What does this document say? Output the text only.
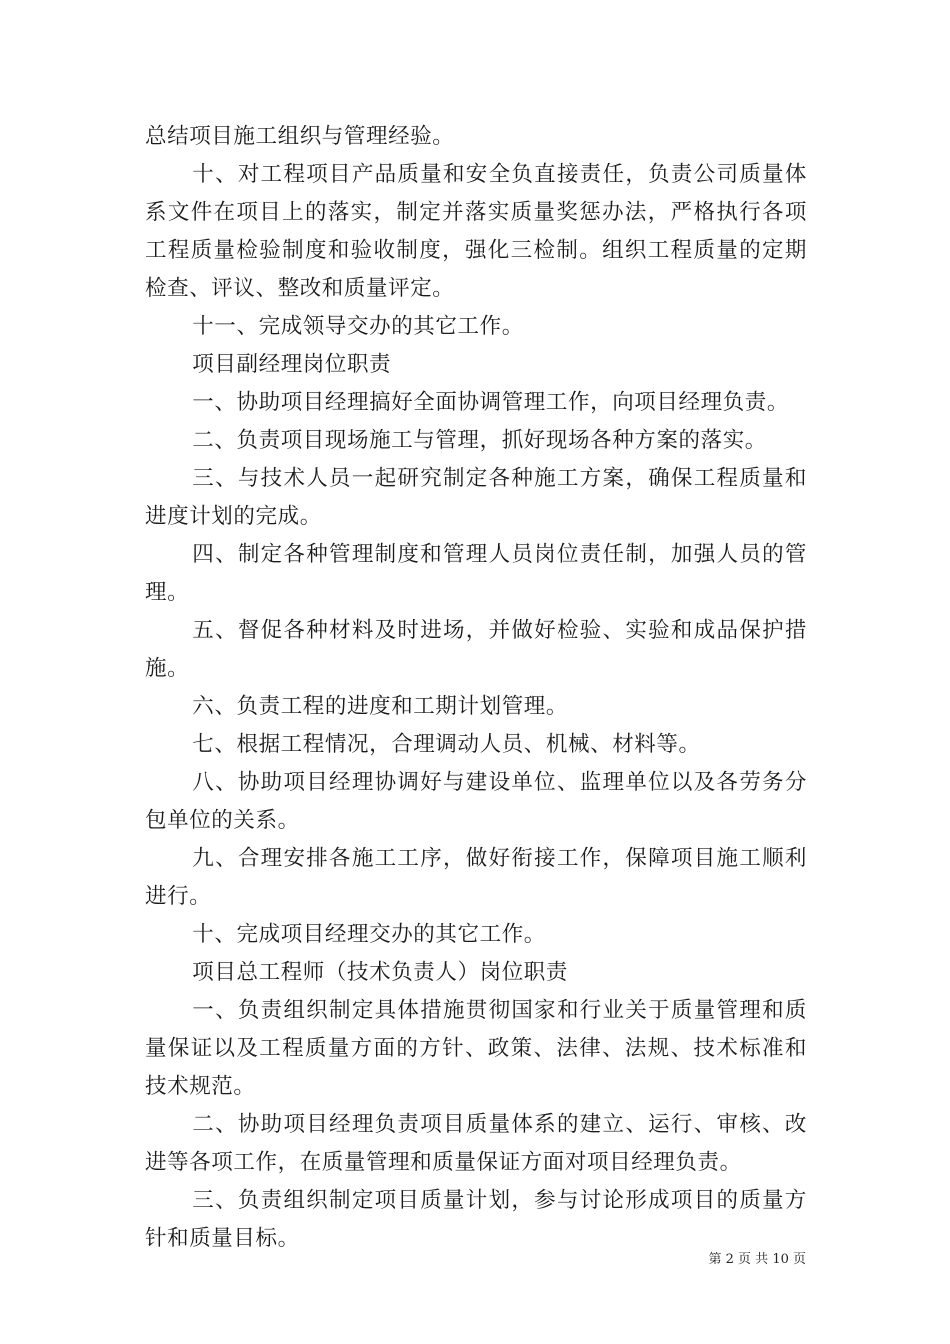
总结项目施工组织与管理经验。

十、对工程项目产品质量和安全负直接责任，负责公司质量体系文件在项目上的落实，制定并落实质量奖惩办法，严格执行各项工程质量检验制度和验收制度，强化三检制。组织工程质量的定期检查、评议、整改和质量评定。

十一、完成领导交办的其它工作。

项目副经理岗位职责

一、协助项目经理搞好全面协调管理工作，向项目经理负责。

二、负责项目现场施工与管理，抓好现场各种方案的落实。

三、与技术人员一起研究制定各种施工方案，确保工程质量和进度计划的完成。

四、制定各种管理制度和管理人员岗位责任制，加强人员的管理。

五、督促各种材料及时进场，并做好检验、实验和成品保护措施。

六、负责工程的进度和工期计划管理。

七、根据工程情况，合理调动人员、机械、材料等。

八、协助项目经理协调好与建设单位、监理单位以及各劳务分包单位的关系。

九、合理安排各施工工序，做好衔接工作，保障项目施工顺利进行。

十、完成项目经理交办的其它工作。

项目总工程师（技术负责人）岗位职责

一、负责组织制定具体措施贯彻国家和行业关于质量管理和质量保证以及工程质量方面的方针、政策、法律、法规、技术标准和技术规范。

二、协助项目经理负责项目质量体系的建立、运行、审核、改进等各项工作，在质量管理和质量保证方面对项目经理负责。

三、负责组织制定项目质量计划，参与讨论形成项目的质量方针和质量目标。

第 2 页 共 10 页
